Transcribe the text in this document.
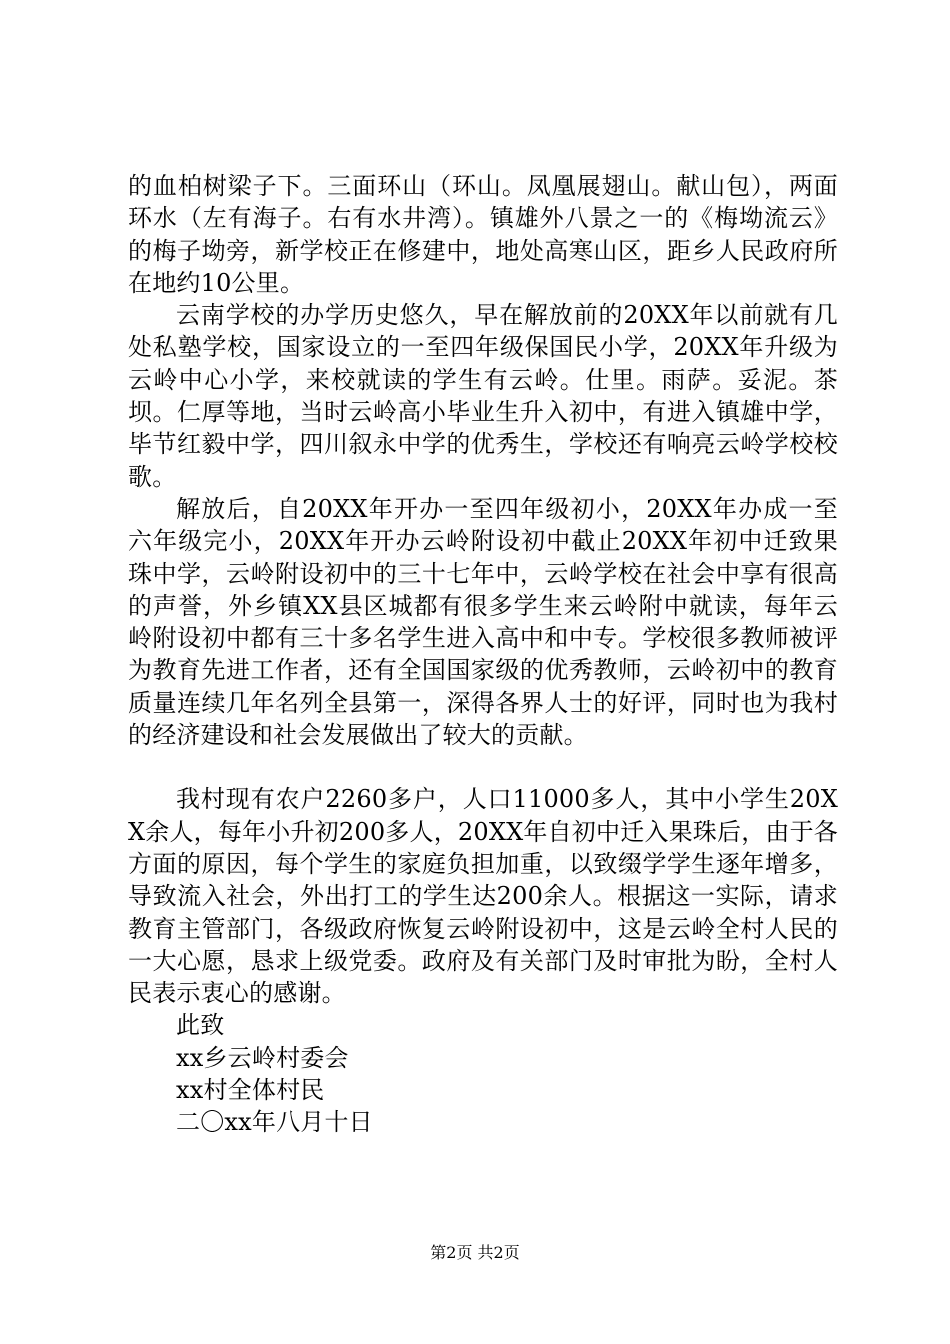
的血柏树梁子下。三面环山（环山。凤凰展翅山。献山包），两面环水（左有海子。右有水井湾）。镇雄外八景之一的《梅坳流云》的梅子坳旁，新学校正在修建中，地处高寒山区，距乡人民政府所在地约10公里。

云南学校的办学历史悠久，早在解放前的20XX年以前就有几处私塾学校，国家设立的一至四年级保国民小学，20XX年升级为云岭中心小学，来校就读的学生有云岭。仕里。雨萨。妥泥。茶坝。仁厚等地，当时云岭高小毕业生升入初中，有进入镇雄中学，毕节红毅中学，四川叙永中学的优秀生，学校还有响亮云岭学校校歌。

解放后，自20XX年开办一至四年级初小，20XX年办成一至六年级完小，20XX年开办云岭附设初中截止20XX年初中迁致果珠中学，云岭附设初中的三十七年中，云岭学校在社会中享有很高的声誉，外乡镇XX县区城都有很多学生来云岭附中就读，每年云岭附设初中都有三十多名学生进入高中和中专。学校很多教师被评为教育先进工作者，还有全国国家级的优秀教师，云岭初中的教育质量连续几年名列全县第一，深得各界人士的好评，同时也为我村的经济建设和社会发展做出了较大的贡献。

我村现有农户2260多户，人口11000多人，其中小学生20XX余人，每年小升初200多人，20XX年自初中迁入果珠后，由于各方面的原因，每个学生的家庭负担加重，以致缀学学生逐年增多，导致流入社会，外出打工的学生达200余人。根据这一实际，请求教育主管部门，各级政府恢复云岭附设初中，这是云岭全村人民的一大心愿，恳求上级党委。政府及有关部门及时审批为盼，全村人民表示衷心的感谢。

此致

xx乡云岭村委会

xx村全体村民

二〇xx年八月十日

第2页 共2页
